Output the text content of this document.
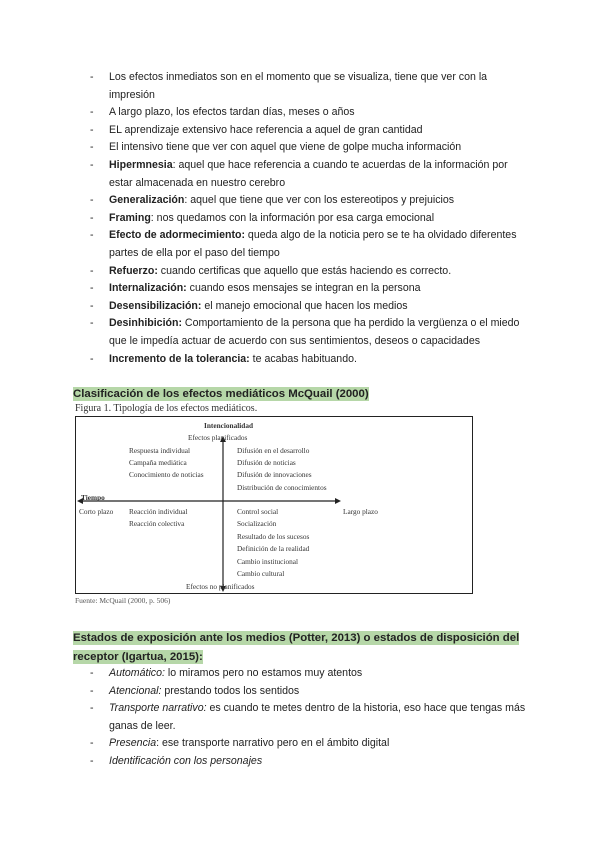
- Los efectos inmediatos son en el momento que se visualiza, tiene que ver con la impresión
- A largo plazo, los efectos tardan días, meses o años
- EL aprendizaje extensivo hace referencia a aquel de gran cantidad
- El intensivo tiene que ver con aquel que viene de golpe mucha información
- Hipermnesia: aquel que hace referencia a cuando te acuerdas de la información por estar almacenada en nuestro cerebro
- Generalización: aquel que tiene que ver con los estereotipos y prejuicios
- Framing: nos quedamos con la información por esa carga emocional
- Efecto de adormecimiento: queda algo de la noticia pero se te ha olvidado diferentes partes de ella por el paso del tiempo
- Refuerzo: cuando certificas que aquello que estás haciendo es correcto.
- Internalización: cuando esos mensajes se integran en la persona
- Desensibilización: el manejo emocional que hacen los medios
- Desinhibición: Comportamiento de la persona que ha perdido la vergüenza o el miedo que le impedía actuar de acuerdo con sus sentimientos, deseos o capacidades
- Incremento de la tolerancia: te acabas habituando.
Clasificación de los efectos mediáticos McQuail (2000)
Figura 1. Tipología de los efectos mediáticos.
Intencionalidad
Efectos planificados
Respuesta individual
Campaña mediática
Conocimiento de noticias
Difusión en el desarrollo
Difusión de noticias
Difusión de innovaciones
Distribución de conocimientos
Tiempo
Corto plazo	Largo plazo
Reacción individual
Reacción colectiva
Control social
Socialización
Resultado de los sucesos
Definición de la realidad
Cambio institucional
Cambio cultural
Efectos no planificados
Fuente: McQuail (2000, p. 506)
Estados de exposición ante los medios (Potter, 2013) o estados de disposición del receptor (Igartua, 2015):
- Automático: lo miramos pero no estamos muy atentos
- Atencional: prestando todos los sentidos
- Transporte narrativo: es cuando te metes dentro de la historia, eso hace que tengas más ganas de leer.
- Presencia: ese transporte narrativo pero en el ámbito digital
- Identificación con los personajes
